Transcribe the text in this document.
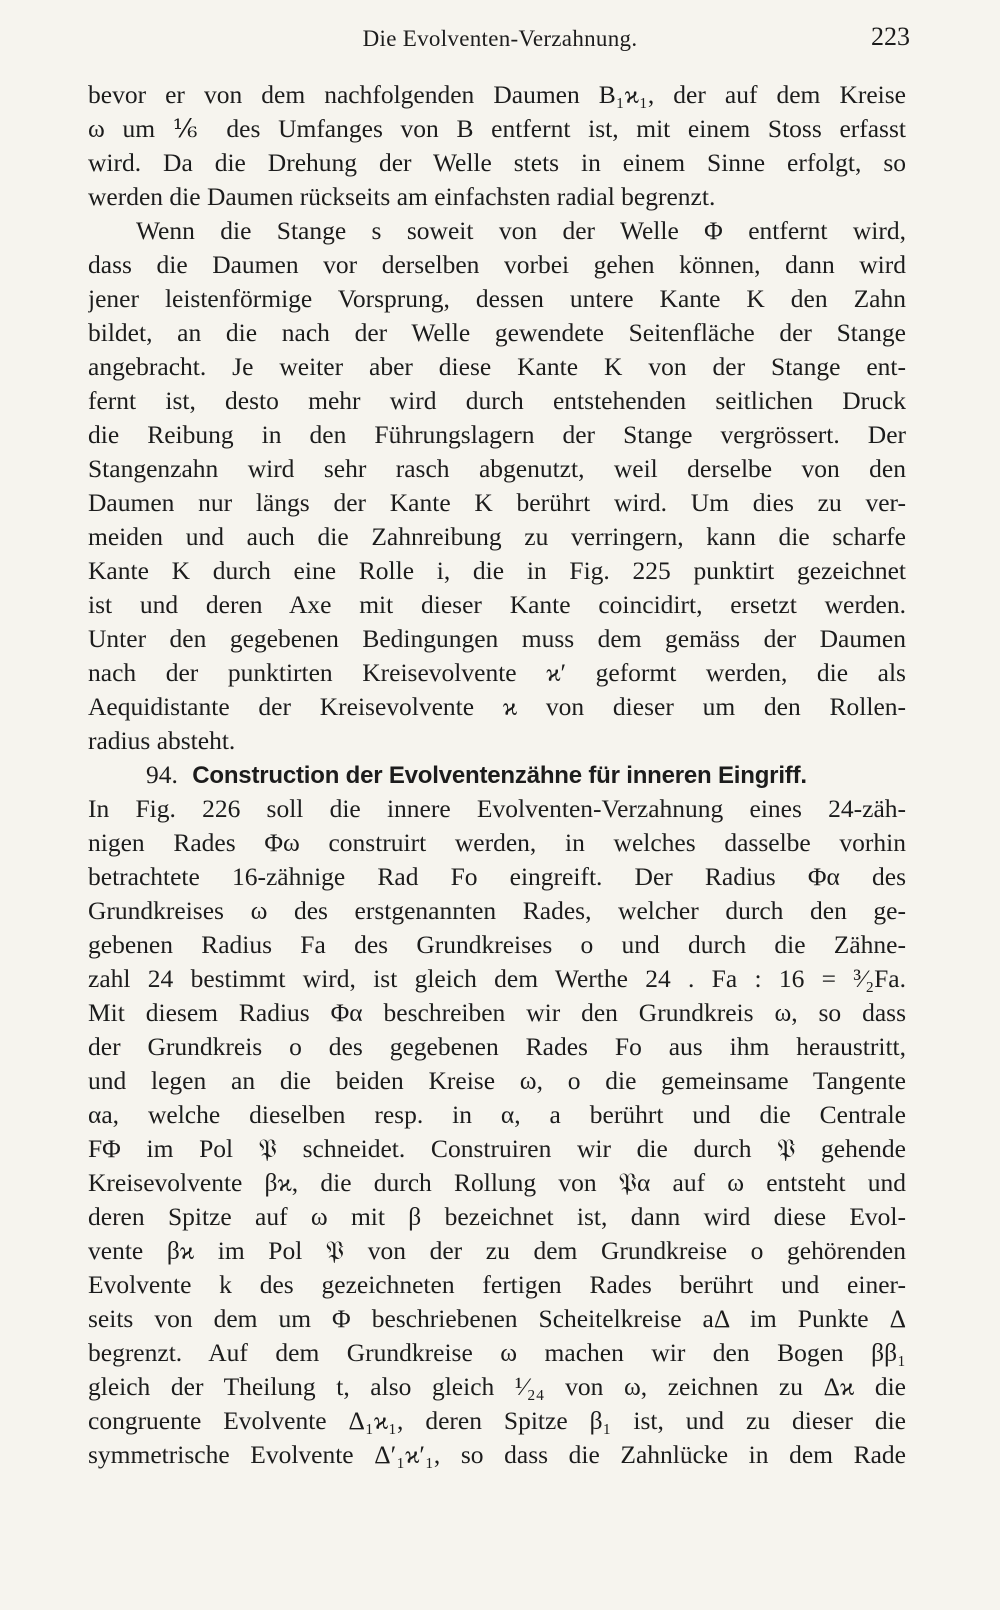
Die Evolventen-Verzahnung.	223
bevor er von dem nachfolgenden Daumen B₁ϰ₁, der auf dem Kreise
ω um ⅙ des Umfanges von B entfernt ist, mit einem Stoss erfasst
wird. Da die Drehung der Welle stets in einem Sinne erfolgt, so
werden die Daumen rückseits am einfachsten radial begrenzt.
Wenn die Stange s soweit von der Welle Φ entfernt wird,
dass die Daumen vor derselben vorbei gehen können, dann wird
jener leistenförmige Vorsprung, dessen untere Kante K den Zahn
bildet, an die nach der Welle gewendete Seitenfläche der Stange
angebracht. Je weiter aber diese Kante K von der Stange ent-
fernt ist, desto mehr wird durch entstehenden seitlichen Druck
die Reibung in den Führungslagern der Stange vergrössert. Der
Stangenzahn wird sehr rasch abgenutzt, weil derselbe von den
Daumen nur längs der Kante K berührt wird. Um dies zu ver-
meiden und auch die Zahnreibung zu verringern, kann die scharfe
Kante K durch eine Rolle i, die in Fig. 225 punktirt gezeichnet
ist und deren Axe mit dieser Kante coincidirt, ersetzt werden.
Unter den gegebenen Bedingungen muss dem gemäss der Daumen
nach der punktirten Kreisevolvente ϰ′ geformt werden, die als
Aequidistante der Kreisevolvente ϰ von dieser um den Rollen-
radius absteht.
94. Construction der Evolventenzähne für inneren Eingriff.
In Fig. 226 soll die innere Evolventen-Verzahnung eines 24-zäh-
nigen Rades Φω construirt werden, in welches dasselbe vorhin
betrachtete 16-zähnige Rad Fo eingreift. Der Radius Φα des
Grundkreises ω des erstgenannten Rades, welcher durch den ge-
gebenen Radius Fa des Grundkreises o und durch die Zähne-
zahl 24 bestimmt wird, ist gleich dem Werthe 24 . Fa : 16 = ³⁄₂Fa.
Mit diesem Radius Φα beschreiben wir den Grundkreis ω, so dass
der Grundkreis o des gegebenen Rades Fo aus ihm heraustritt,
und legen an die beiden Kreise ω, o die gemeinsame Tangente
αa, welche dieselben resp. in α, a berührt und die Centrale
FΦ im Pol 𝔓 schneidet. Construiren wir die durch 𝔓 gehende
Kreisevolvente βϰ, die durch Rollung von 𝔓α auf ω entsteht und
deren Spitze auf ω mit β bezeichnet ist, dann wird diese Evol-
vente βϰ im Pol 𝔓 von der zu dem Grundkreise o gehörenden
Evolvente k des gezeichneten fertigen Rades berührt und einer-
seits von dem um Φ beschriebenen Scheitelkreise aΔ im Punkte Δ
begrenzt. Auf dem Grundkreise ω machen wir den Bogen ββ₁
gleich der Theilung t, also gleich ¹⁄₂₄ von ω, zeichnen zu Δϰ die
congruente Evolvente Δ₁ϰ₁, deren Spitze β₁ ist, und zu dieser die
symmetrische Evolvente Δ′₁ϰ′₁, so dass die Zahnlücke in dem Rade
